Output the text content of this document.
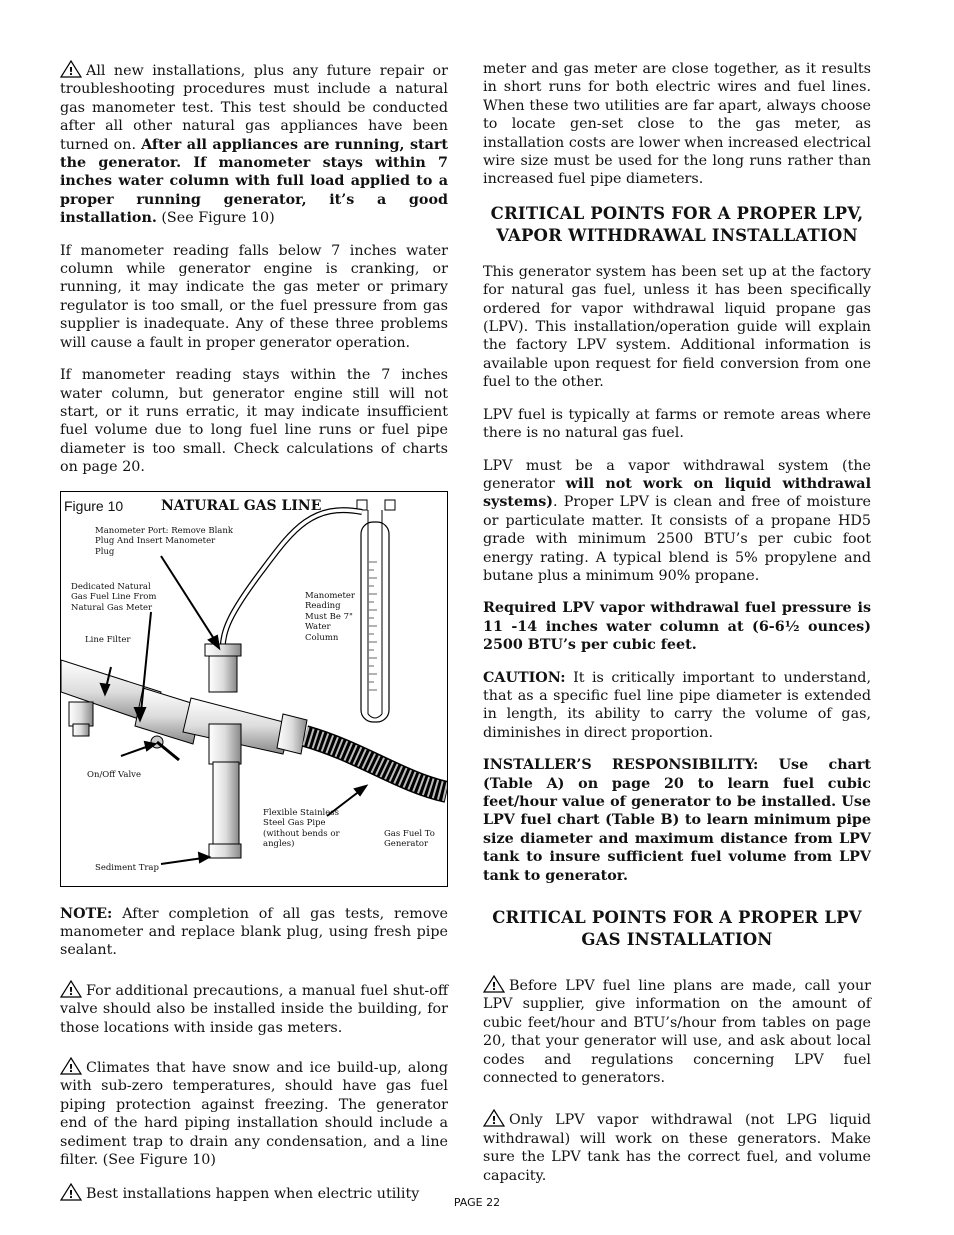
! All new installations, plus any future repair or troubleshooting procedures must include a natural gas manometer test. This test should be conducted after all other natural gas appliances have been turned on. After all appliances are running, start the generator. If manometer stays within 7 inches water column with full load applied to a proper running generator, it’s a good installation. (See Figure 10)

If manometer reading falls below 7 inches water column while generator engine is cranking, or running, it may indicate the gas meter or primary regulator is too small, or the fuel pressure from gas supplier is inadequate. Any of these three problems will cause a fault in proper generator operation.

If manometer reading stays within the 7 inches water column, but generator engine still will not start, or it runs erratic, it may indicate insufficient fuel volume due to long fuel line runs or fuel pipe diameter is too small. Check calculations of charts on page 20.

Figure 10	NATURAL GAS LINE
Manometer Port: Remove Blank Plug And Insert Manometer Plug
Dedicated Natural Gas Fuel Line From Natural Gas Meter
Line Filter
On/Off Valve
Sediment Trap
Manometer Reading Must Be 7" Water Column
Flexible Stainless Steel Gas Pipe (without bends or angles)
Gas Fuel To Generator

NOTE: After completion of all gas tests, remove manometer and replace blank plug, using fresh pipe sealant.

! For additional precautions, a manual fuel shut-off valve should also be installed inside the building, for those locations with inside gas meters.

! Climates that have snow and ice build-up, along with sub-zero temperatures, should have gas fuel piping protection against freezing. The generator end of the hard piping installation should include a sediment trap to drain any condensation, and a line filter. (See Figure 10)

! Best installations happen when electric utility

meter and gas meter are close together, as it results in short runs for both electric wires and fuel lines. When these two utilities are far apart, always choose to locate gen-set close to the gas meter, as installation costs are lower when increased electrical wire size must be used for the long runs rather than increased fuel pipe diameters.

CRITICAL POINTS FOR A PROPER LPV, VAPOR WITHDRAWAL INSTALLATION

This generator system has been set up at the factory for natural gas fuel, unless it has been specifically ordered for vapor withdrawal liquid propane gas (LPV). This installation/operation guide will explain the factory LPV system. Additional information is available upon request for field conversion from one fuel to the other.

LPV fuel is typically at farms or remote areas where there is no natural gas fuel.

LPV must be a vapor withdrawal system (the generator will not work on liquid withdrawal systems). Proper LPV is clean and free of moisture or particulate matter. It consists of a propane HD5 grade with minimum 2500 BTU’s per cubic foot energy rating. A typical blend is 5% propylene and butane plus a minimum 90% propane.

Required LPV vapor withdrawal fuel pressure is 11 -14 inches water column at (6-6½ ounces) 2500 BTU’s per cubic feet.

CAUTION: It is critically important to understand, that as a specific fuel line pipe diameter is extended in length, its ability to carry the volume of gas, diminishes in direct proportion.

INSTALLER’S RESPONSIBILITY: Use chart (Table A) on page 20 to learn fuel cubic feet/hour value of generator to be installed. Use LPV fuel chart (Table B) to learn minimum pipe size diameter and maximum distance from LPV tank to insure sufficient fuel volume from LPV tank to generator.

CRITICAL POINTS FOR A PROPER LPV GAS INSTALLATION

! Before LPV fuel line plans are made, call your LPV supplier, give information on the amount of cubic feet/hour and BTU’s/hour from tables on page 20, that your generator will use, and ask about local codes and regulations concerning LPV fuel connected to generators.

! Only LPV vapor withdrawal (not LPG liquid withdrawal) will work on these generators. Make sure the LPV tank has the correct fuel, and volume capacity.

PAGE 22
